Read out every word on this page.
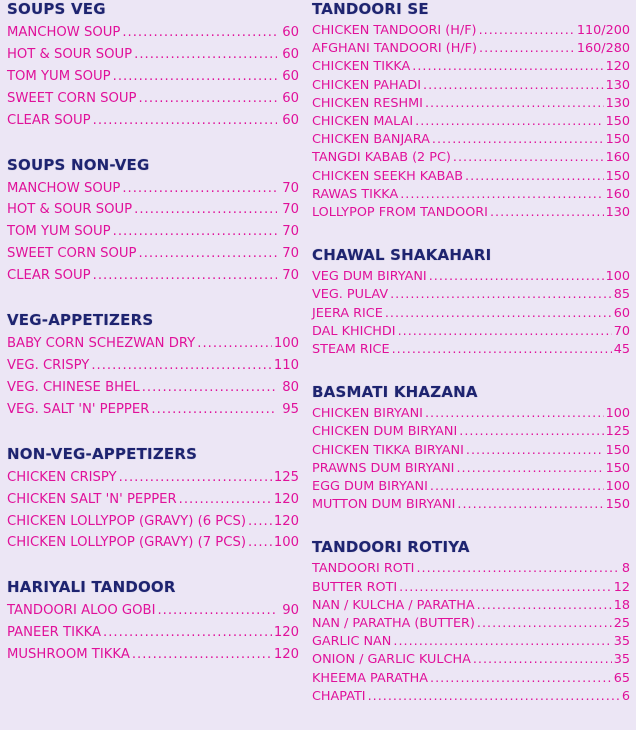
SOUPS VEG
MANCHOW SOUP .....	60
HOT & SOUR SOUP .....	60
TOM YUM SOUP .....	60
SWEET CORN SOUP .....	60
CLEAR SOUP .....	60
SOUPS NON-VEG
MANCHOW SOUP .....	70
HOT & SOUR SOUP .....	70
TOM YUM SOUP .....	70
SWEET CORN SOUP .....	70
CLEAR SOUP .....	70
VEG-APPETIZERS
BABY CORN SCHEZWAN DRY .....	100
VEG. CRISPY .....	110
VEG. CHINESE BHEL .....	80
VEG. SALT 'N' PEPPER .....	95
NON-VEG-APPETIZERS
CHICKEN CRISPY .....	125
CHICKEN SALT 'N' PEPPER .....	120
CHICKEN LOLLYPOP (GRAVY) (6 PCS) ..... 120
CHICKEN LOLLYPOP (GRAVY) (7 PCS) ..... 100
HARIYALI TANDOOR
TANDOORI ALOO GOBI .....	90
PANEER TIKKA .....	120
MUSHROOM TIKKA .....	120
TANDOORI SE
CHICKEN TANDOORI (H/F) .....	110/200
AFGHANI TANDOORI (H/F) .....	160/280
CHICKEN TIKKA .....	120
CHICKEN PAHADI .....	130
CHICKEN RESHMI .....	130
CHICKEN MALAI .....	150
CHICKEN BANJARA .....	150
TANGDI KABAB (2 PC) .....	160
CHICKEN SEEKH KABAB .....	150
RAWAS TIKKA .....	160
LOLLYPOP FROM TANDOORI .....	130
CHAWAL SHAKAHARI
VEG DUM BIRYANI .....	100
VEG. PULAV .....	85
JEERA RICE .....	60
DAL KHICHDI .....	70
STEAM RICE .....	45
BASMATI KHAZANA
CHICKEN BIRYANI .....	100
CHICKEN DUM BIRYANI .....	125
CHICKEN TIKKA BIRYANI .....	150
PRAWNS DUM BIRYANI .....	150
EGG DUM BIRYANI .....	100
MUTTON DUM BIRYANI .....	150
TANDOORI ROTIYA
TANDOORI ROTI .....	8
BUTTER ROTI .....	12
NAN / KULCHA / PARATHA .....	18
NAN / PARATHA (BUTTER) .....	25
GARLIC NAN .....	35
ONION / GARLIC KULCHA .....	35
KHEEMA PARATHA .....	65
CHAPATI .....	6
